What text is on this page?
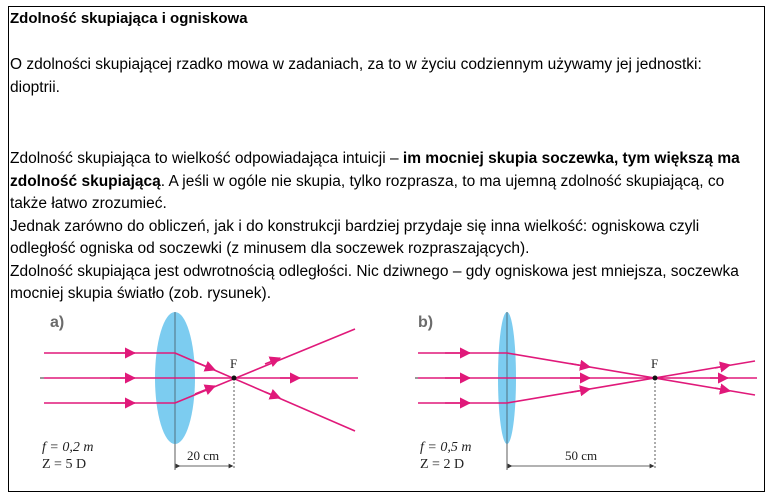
Zdolność skupiająca i ogniskowa

O zdolności skupiającej rzadko mowa w zadaniach, za to w życiu codziennym używamy jej jednostki: dioptrii.

Zdolność skupiająca to wielkość odpowiadająca intuicji – im mocniej skupia soczewka, tym większą ma zdolność skupiającą. A jeśli w ogóle nie skupia, tylko rozprasza, to ma ujemną zdolność skupiającą, co także łatwo zrozumieć.
Jednak zarówno do obliczeń, jak i do konstrukcji bardziej przydaje się inna wielkość: ogniskowa czyli odległość ogniska od soczewki (z minusem dla soczewek rozpraszających).
Zdolność skupiająca jest odwrotnością odległości. Nic dziwnego – gdy ogniskowa jest mniejsza, soczewka mocniej skupia światło (zob. rysunek).

a)
F
20 cm
f = 0,2 m
Z = 5 D
b)
F
50 cm
f = 0,5 m
Z = 2 D
